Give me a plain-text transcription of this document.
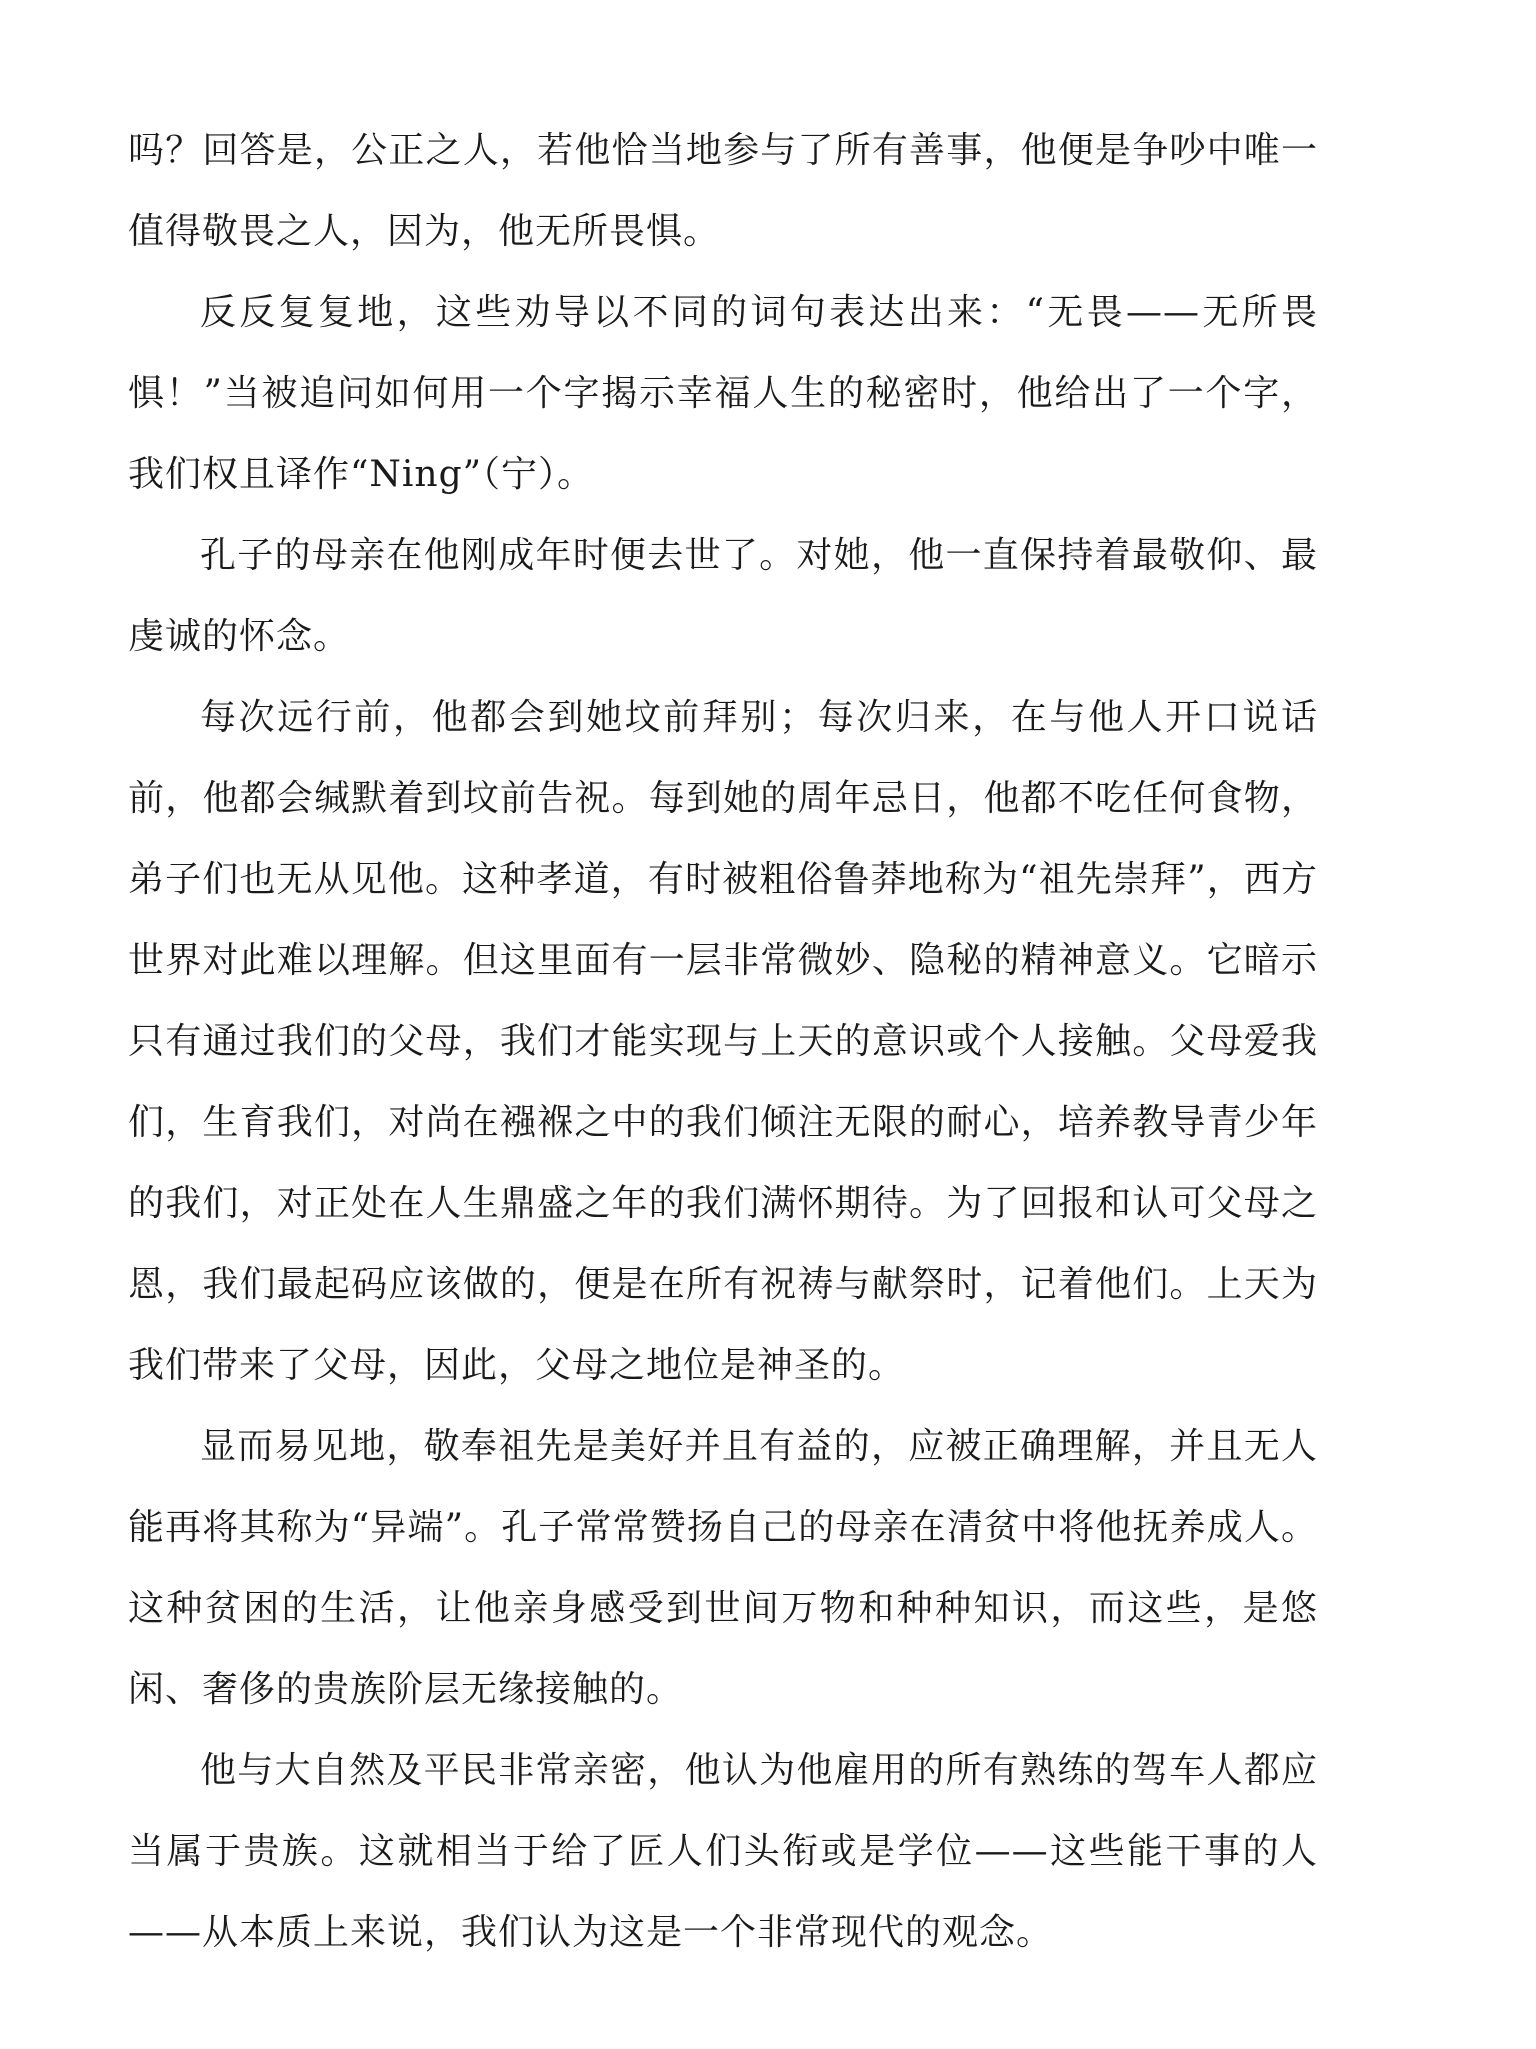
吗？回答是，公正之人，若他恰当地参与了所有善事，他便是争吵中唯一值得敬畏之人，因为，他无所畏惧。

反反复复地，这些劝导以不同的词句表达出来：“无畏——无所畏惧！”当被追问如何用一个字揭示幸福人生的秘密时，他给出了一个字，我们权且译作“Ning”（宁）。

孔子的母亲在他刚成年时便去世了。对她，他一直保持着最敬仰、最虔诚的怀念。

每次远行前，他都会到她坟前拜别；每次归来，在与他人开口说话前，他都会缄默着到坟前告祝。每到她的周年忌日，他都不吃任何食物，弟子们也无从见他。这种孝道，有时被粗俗鲁莽地称为“祖先崇拜”，西方世界对此难以理解。但这里面有一层非常微妙、隐秘的精神意义。它暗示只有通过我们的父母，我们才能实现与上天的意识或个人接触。父母爱我们，生育我们，对尚在襁褓之中的我们倾注无限的耐心，培养教导青少年的我们，对正处在人生鼎盛之年的我们满怀期待。为了回报和认可父母之恩，我们最起码应该做的，便是在所有祝祷与献祭时，记着他们。上天为我们带来了父母，因此，父母之地位是神圣的。

显而易见地，敬奉祖先是美好并且有益的，应被正确理解，并且无人能再将其称为“异端”。孔子常常赞扬自己的母亲在清贫中将他抚养成人。这种贫困的生活，让他亲身感受到世间万物和种种知识，而这些，是悠闲、奢侈的贵族阶层无缘接触的。

他与大自然及平民非常亲密，他认为他雇用的所有熟练的驾车人都应当属于贵族。这就相当于给了匠人们头衔或是学位——这些能干事的人——从本质上来说，我们认为这是一个非常现代的观念。
